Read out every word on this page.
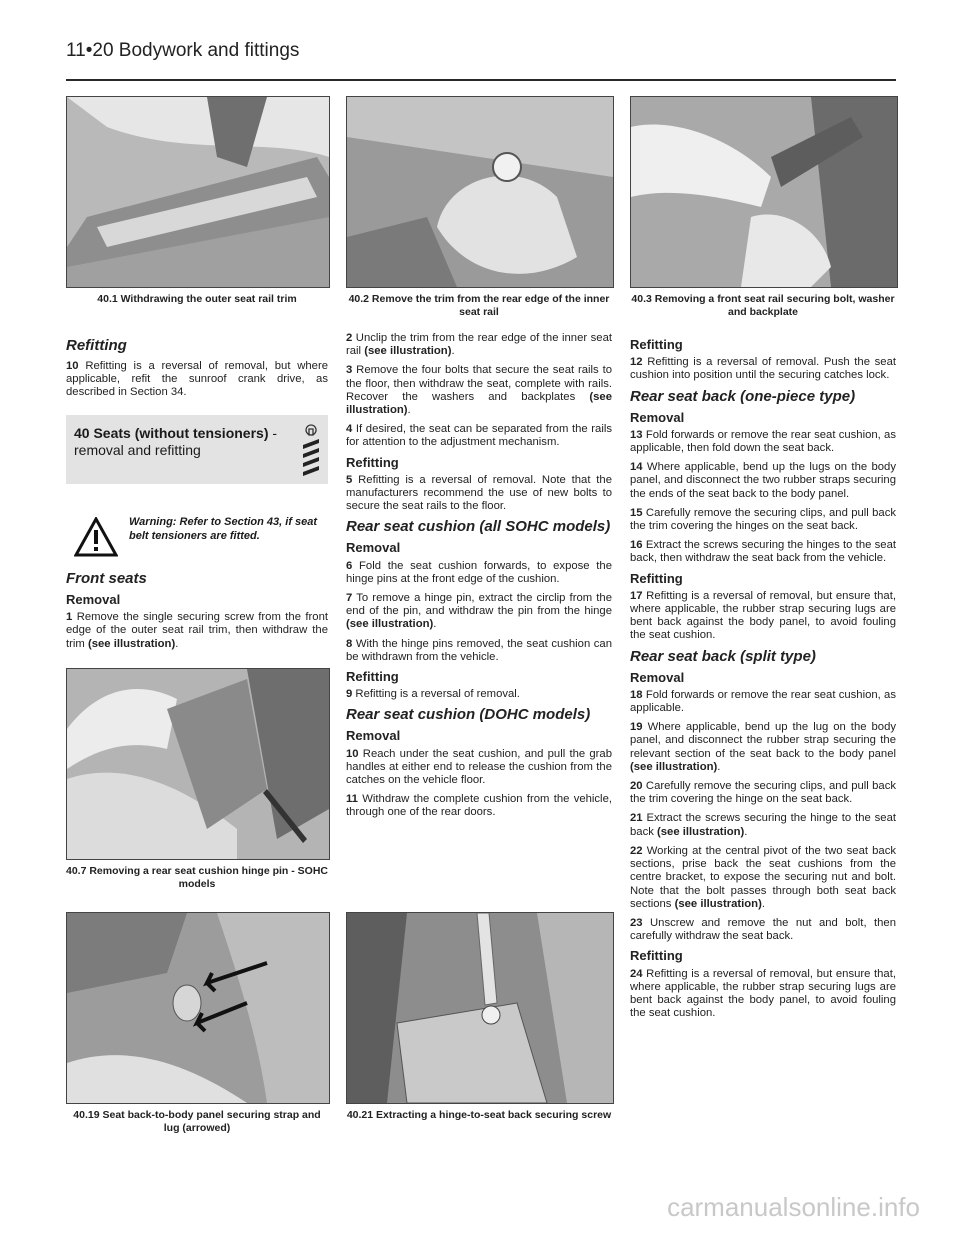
11•20 Bodywork and fittings
40.1 Withdrawing the outer seat rail trim	40.2 Remove the trim from the rear edge of the inner seat rail
40.3 Removing a front seat rail securing bolt, washer and backplate
Refitting

10 Refitting is a reversal of removal, but where applicable, refit the sunroof crank drive, as described in Section 34.

40 Seats (without tensioners) - removal and refitting
Warning: Refer to Section 43, if seat belt tensioners are fitted.
Front seats
Removal

1 Remove the single securing screw from the front edge of the outer seat rail trim, then withdraw the trim (see illustration).

40.7 Removing a rear seat cushion hinge pin - SOHC models
40.19 Seat back-to-body panel securing strap and lug (arrowed)

2 Unclip the trim from the rear edge of the inner seat rail (see illustration).

3 Remove the four bolts that secure the seat rails to the floor, then withdraw the seat, complete with rails. Recover the washers and backplates (see illustration).

4 If desired, the seat can be separated from the rails for attention to the adjustment mechanism.

Refitting

5 Refitting is a reversal of removal. Note that the manufacturers recommend the use of new bolts to secure the seat rails to the floor.

Rear seat cushion (all SOHC models)
Removal

6 Fold the seat cushion forwards, to expose the hinge pins at the front edge of the cushion.

7 To remove a hinge pin, extract the circlip from the end of the pin, and withdraw the pin from the hinge (see illustration).

8 With the hinge pins removed, the seat cushion can be withdrawn from the vehicle.

Refitting

9 Refitting is a reversal of removal.

Rear seat cushion (DOHC models)
Removal

10 Reach under the seat cushion, and pull the grab handles at either end to release the cushion from the catches on the vehicle floor.

11 Withdraw the complete cushion from the vehicle, through one of the rear doors.

40.21 Extracting a hinge-to-seat back securing screw
Refitting

12 Refitting is a reversal of removal. Push the seat cushion into position until the securing catches lock.

Rear seat back (one-piece type)
Removal

13 Fold forwards or remove the rear seat cushion, as applicable, then fold down the seat back.

14 Where applicable, bend up the lugs on the body panel, and disconnect the two rubber straps securing the ends of the seat back to the body panel.

15 Carefully remove the securing clips, and pull back the trim covering the hinges on the seat back.

16 Extract the screws securing the hinges to the seat back, then withdraw the seat back from the vehicle.

Refitting

17 Refitting is a reversal of removal, but ensure that, where applicable, the rubber strap securing lugs are bent back against the body panel, to avoid fouling the seat cushion.

Rear seat back (split type)
Removal

18 Fold forwards or remove the rear seat cushion, as applicable.

19 Where applicable, bend up the lug on the body panel, and disconnect the rubber strap securing the relevant section of the seat back to the body panel (see illustration).

20 Carefully remove the securing clips, and pull back the trim covering the hinge on the seat back.

21 Extract the screws securing the hinge to the seat back (see illustration).

22 Working at the central pivot of the two seat back sections, prise back the seat cushions from the centre bracket, to expose the securing nut and bolt. Note that the bolt passes through both seat back sections (see illustration).

23 Unscrew and remove the nut and bolt, then carefully withdraw the seat back.

Refitting

24 Refitting is a reversal of removal, but ensure that, where applicable, the rubber strap securing lugs are bent back against the body panel, to avoid fouling the seat cushion.

carmanualsonline.info
